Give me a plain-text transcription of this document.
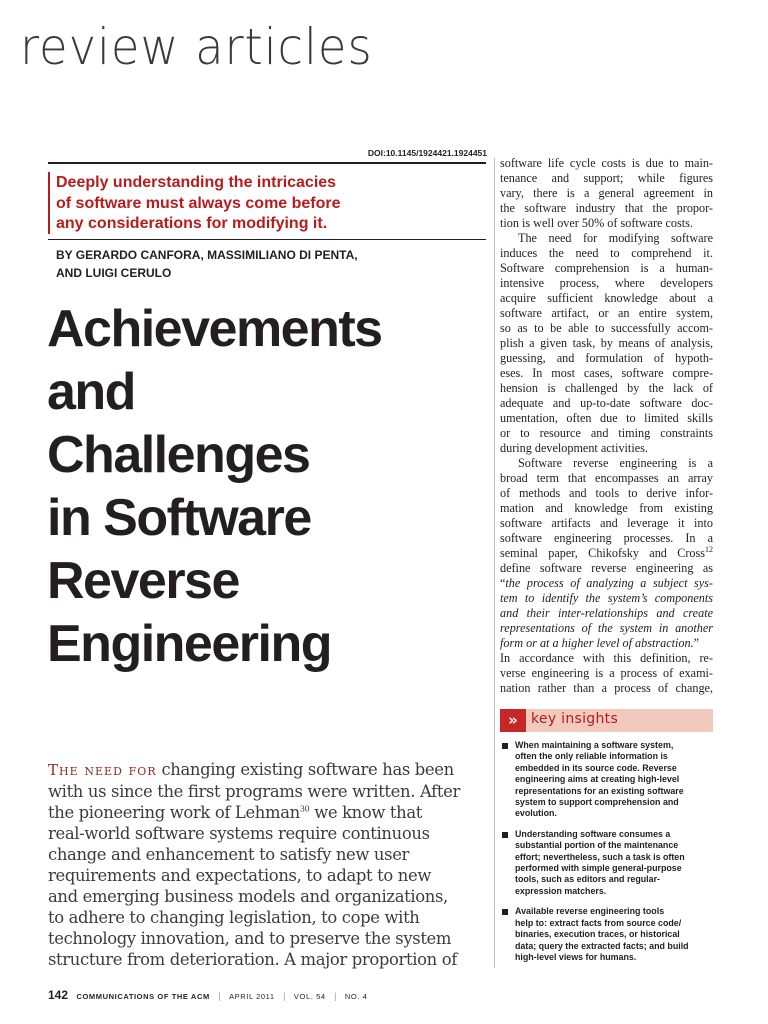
review articles
DOI:10.1145/1924421.1924451
Deeply understanding the intricacies
of software must always come before
any considerations for modifying it.
BY GERARDO CANFORA, MASSIMILIANO DI PENTA,
AND LUIGI CERULO
Achievements
and
Challenges
in Software
Reverse
Engineering

The need for changing existing software has been
with us since the first programs were written. After
the pioneering work of Lehman$^{30}$ we know that
real-world software systems require continuous
change and enhancement to satisfy new user
requirements and expectations, to adapt to new
and emerging business models and organizations,
to adhere to changing legislation, to cope with
technology innovation, and to preserve the system
structure from deterioration. A major proportion of

software life cycle costs is due to main-
tenance and support; while figures
vary, there is a general agreement in
the software industry that the propor-
tion is well over 50% of software costs.

The need for modifying software
induces the need to comprehend it.
Software comprehension is a human-
intensive process, where developers
acquire sufficient knowledge about a
software artifact, or an entire system,
so as to be able to successfully accom-
plish a given task, by means of analysis,
guessing, and formulation of hypoth-
eses. In most cases, software compre-
hension is challenged by the lack of
adequate and up-to-date software doc-
umentation, often due to limited skills
or to resource and timing constraints
during development activities.

Software reverse engineering is a
broad term that encompasses an array
of methods and tools to derive infor-
mation and knowledge from existing
software artifacts and leverage it into
software engineering processes. In a
seminal paper, Chikofsky and Cross$^{12}$
define software reverse engineering as
“the process of analyzing a subject sys-
tem to identify the system’s components
and their inter-relationships and create
representations of the system in another
form or at a higher level of abstraction.”
In accordance with this definition, re-
verse engineering is a process of exami-
nation rather than a process of change,

» key insights
When maintaining a software system,
often the only reliable information is
embedded in its source code. Reverse
engineering aims at creating high-level
representations for an existing software
system to support comprehension and
evolution.
Understanding software consumes a
substantial portion of the maintenance
effort; nevertheless, such a task is often
performed with simple general-purpose
tools, such as editors and regular-
expression matchers.
Available reverse engineering tools
help to: extract facts from source code/
binaries, execution traces, or historical
data; query the extracted facts; and build
high-level views for humans.
142 COMMUNICATIONS OF THE ACM | APRIL 2011 | VOL. 54 | NO. 4
